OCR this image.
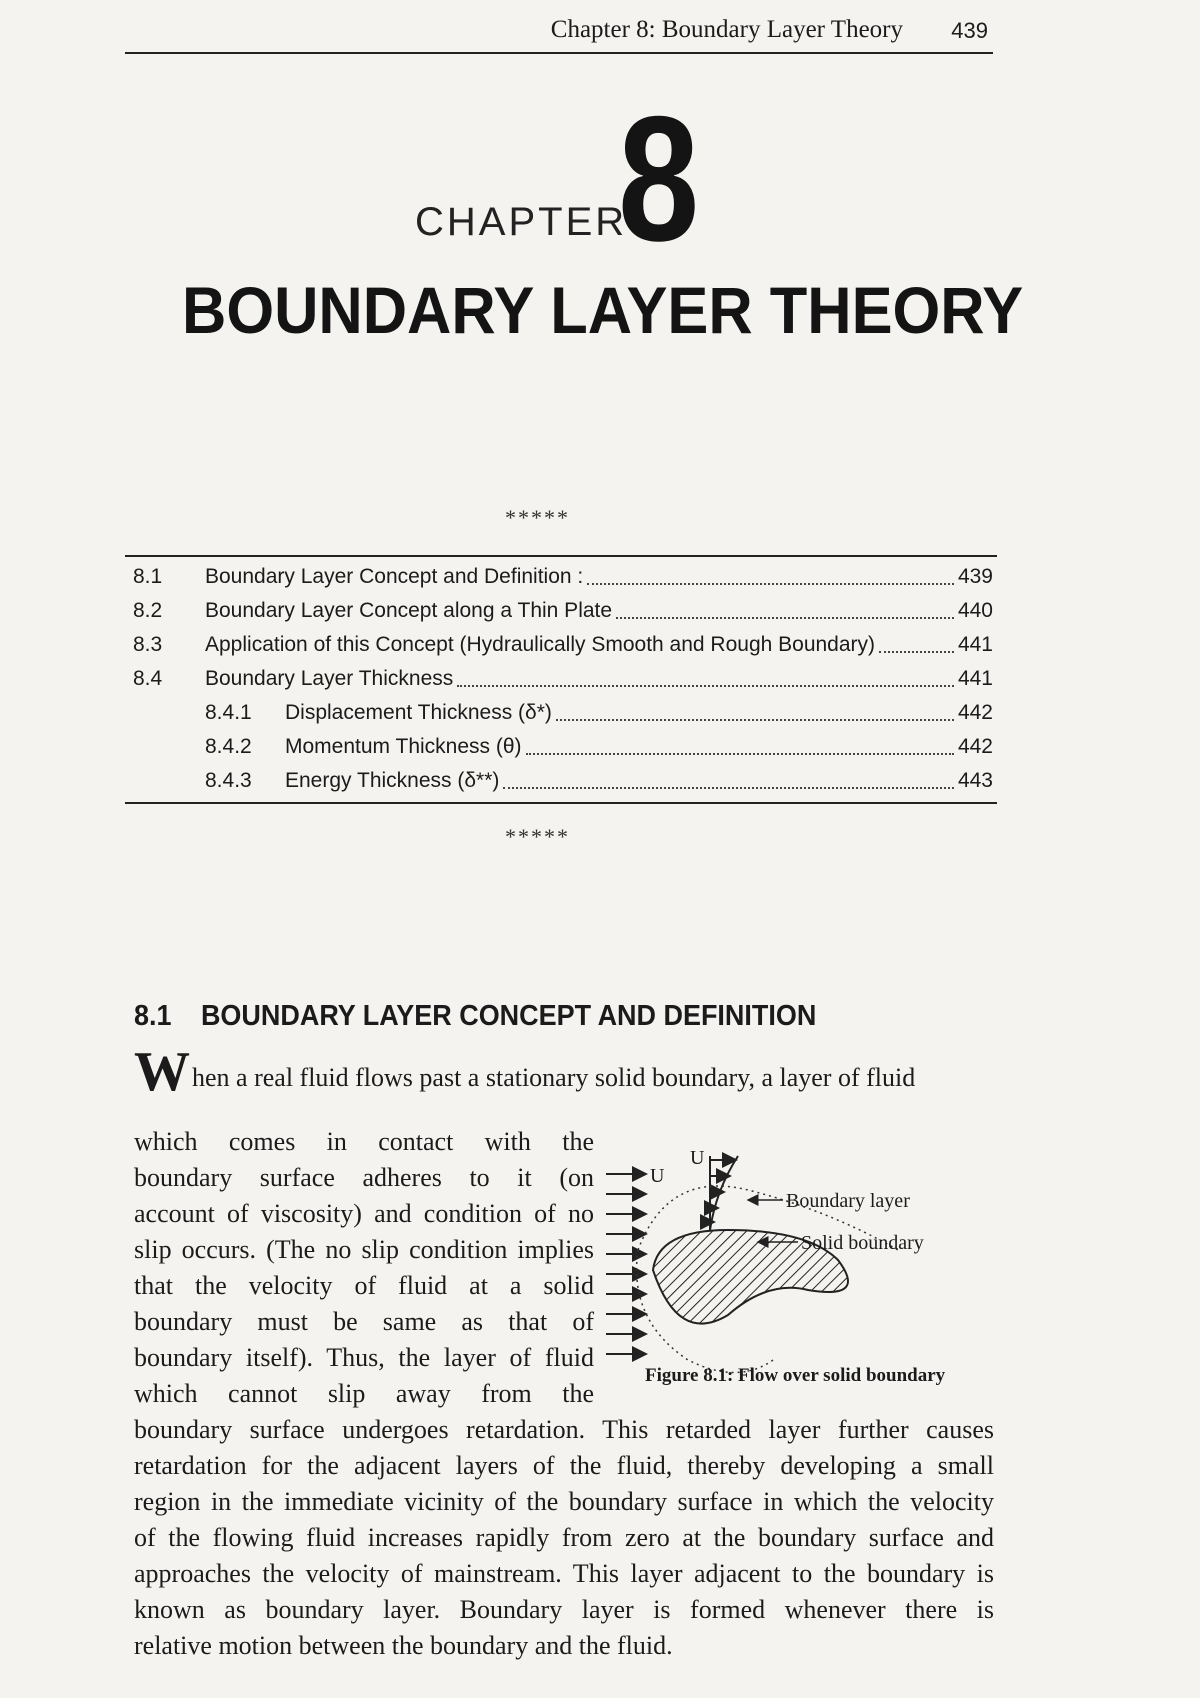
Chapter 8: Boundary Layer Theory 439
CHAPTER
8
BOUNDARY LAYER THEORY
*****
8.1 Boundary Layer Concept and Definition :	439
8.2 Boundary Layer Concept along a Thin Plate	440
8.3 Application of this Concept (Hydraulically Smooth and Rough Boundary)	441
8.4 Boundary Layer Thickness	441
8.4.1 Displacement Thickness (δ*)	442
8.4.2 Momentum Thickness (θ)	442
8.4.3 Energy Thickness (δ**)	443
*****
8.1 BOUNDARY LAYER CONCEPT AND DEFINITION
When a real fluid flows past a stationary solid boundary, a layer of fluid
which comes in contact with the
boundary surface adheres to it (on
account of viscosity) and condition of no
slip occurs. (The no slip condition implies
that the velocity of fluid at a solid
boundary must be same as that of
boundary itself). Thus, the layer of fluid
which cannot slip away from the
U
U
Boundary layer
Solid boundary
Figure 8.1: Flow over solid boundary
boundary surface undergoes retardation. This retarded layer further causes
retardation for the adjacent layers of the fluid, thereby developing a small
region in the immediate vicinity of the boundary surface in which the velocity
of the flowing fluid increases rapidly from zero at the boundary surface and
approaches the velocity of mainstream. This layer adjacent to the boundary is
known as boundary layer. Boundary layer is formed whenever there is
relative motion between the boundary and the fluid.
